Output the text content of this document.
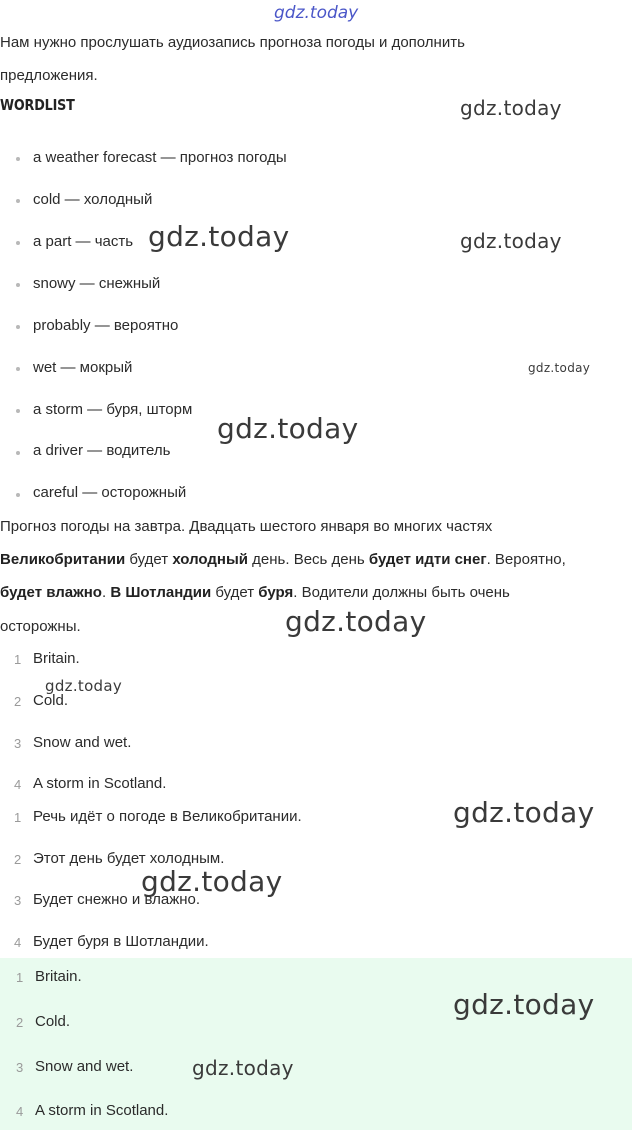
gdz.today
Нам нужно прослушать аудиозапись прогноза погоды и дополнить
предложения.
WORDLIST
a weather forecast — прогноз погоды
cold — холодный
a part — часть
snowy — снежный
probably — вероятно
wet — мокрый
a storm — буря, шторм
a driver — водитель
careful — осторожный
Прогноз погоды на завтра. Двадцать шестого января во многих частях
Великобритании будет холодный день. Весь день будет идти снег. Вероятно,
будет влажно. В Шотландии будет буря. Водители должны быть очень
осторожны.
1 Britain.
2 Cold.
3 Snow and wet.
4 A storm in Scotland.
1 Речь идёт о погоде в Великобритании.
2 Этот день будет холодным.
3 Будет снежно и влажно.
4 Будет буря в Шотландии.
1 Britain.
2 Cold.
3 Snow and wet.
4 A storm in Scotland.
gdz.today
gdz.today	gdz.today
gdz.today
gdz.today
gdz.today
gdz.today
gdz.today
gdz.today
gdz.today
gdz.today
